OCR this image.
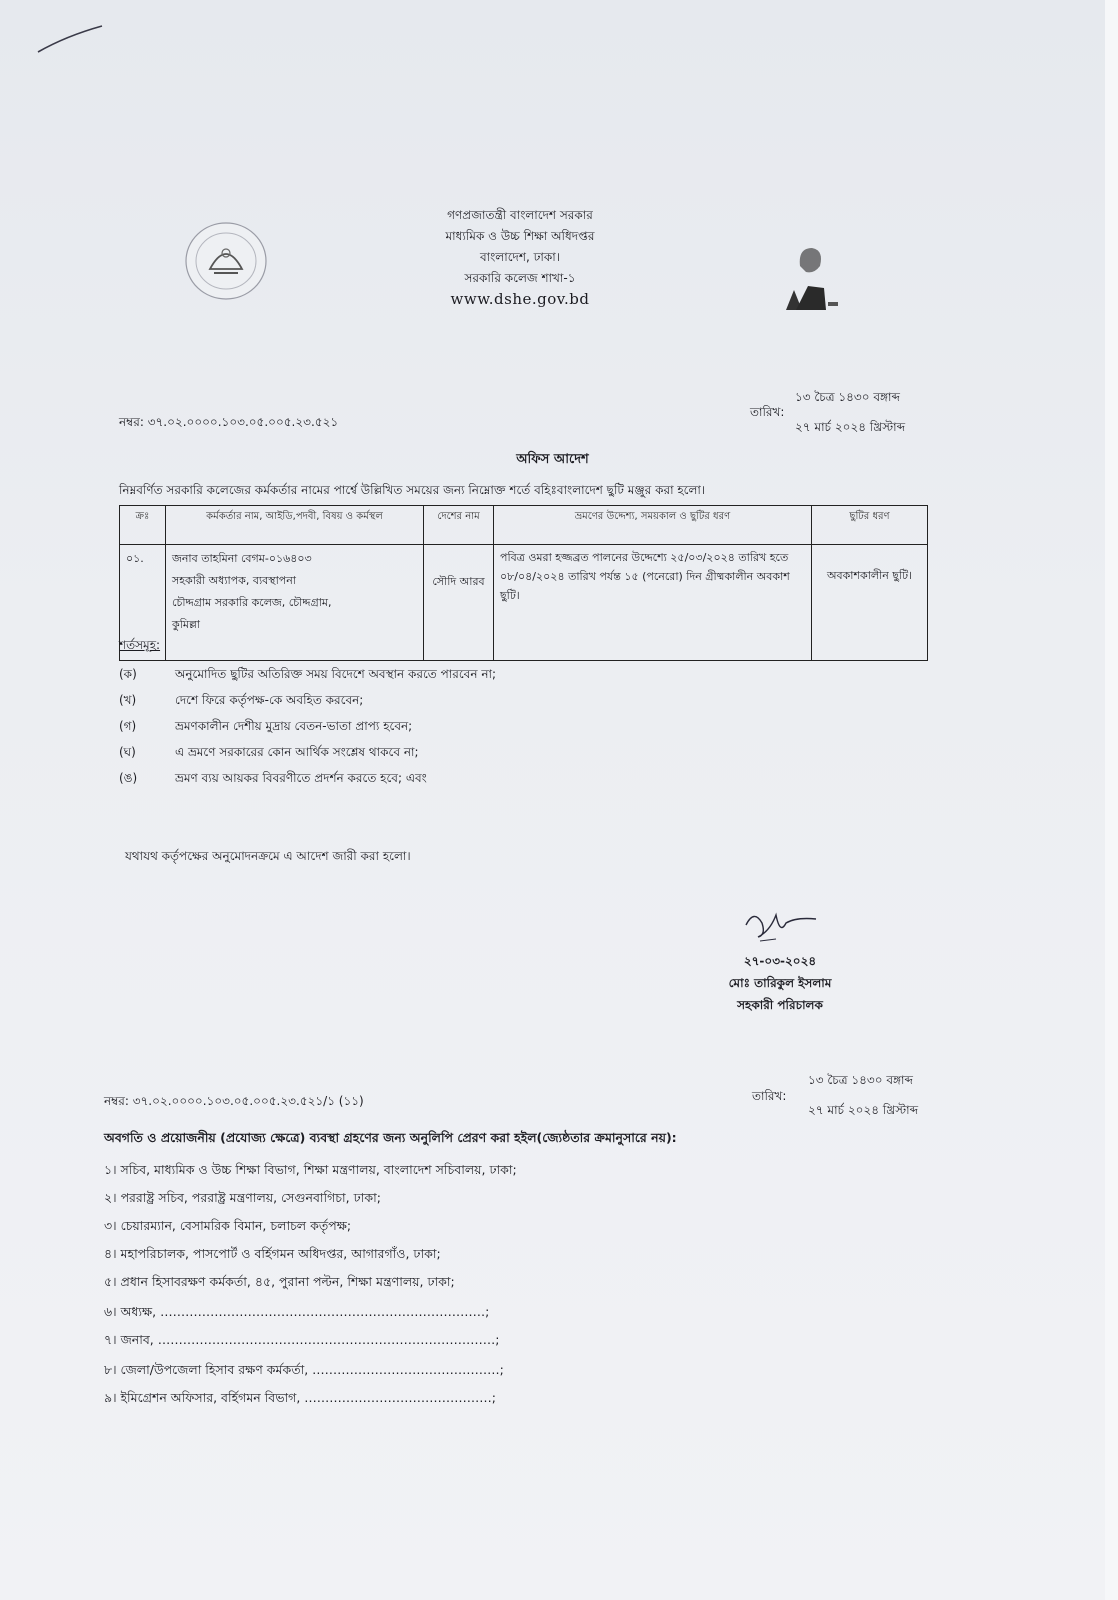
গণপ্রজাতন্ত্রী বাংলাদেশ সরকার
মাধ্যমিক ও উচ্চ শিক্ষা অধিদপ্তর
বাংলাদেশ, ঢাকা।
সরকারি কলেজ শাখা-১
www.dshe.gov.bd
নম্বর: ৩৭.০২.০০০০.১০৩.০৫.০০৫.২৩.৫২১
তারিখ:
১৩ চৈত্র ১৪৩০ বঙ্গাব্দ
২৭ মার্চ ২০২৪ খ্রিস্টাব্দ
অফিস আদেশ
নিম্নবর্ণিত সরকারি কলেজের কর্মকর্তার নামের পার্শ্বে উল্লিখিত সময়ের জন্য নিম্নোক্ত শর্তে বহিঃবাংলাদেশ ছুটি মঞ্জুর করা হলো।
ক্রঃ	কর্মকর্তার নাম, আইডি,পদবী, বিষয় ও কর্মস্থল	দেশের নাম	ভ্রমণের উদ্দেশ্য, সময়কাল ও ছুটির ধরণ	ছুটির ধরণ
০১.	জনাব তাহমিনা বেগম-০১৬৪০৩
সহকারী অধ্যাপক, ব্যবস্থাপনা
চৌদ্দগ্রাম সরকারি কলেজ, চৌদ্দগ্রাম,
কুমিল্লা	সৌদি আরব	পবিত্র ওমরা হজ্জব্রত পালনের উদ্দেশ্যে ২৫/০৩/২০২৪ তারিখ হতে ০৮/০৪/২০২৪ তারিখ পর্যন্ত ১৫ (পনেরো) দিন গ্রীষ্মকালীন অবকাশ ছুটি।	অবকাশকালীন ছুটি।
শর্তসমূহ:
(ক)	অনুমোদিত ছুটির অতিরিক্ত সময় বিদেশে অবস্থান করতে পারবেন না;
(খ)	দেশে ফিরে কর্তৃপক্ষ-কে অবহিত করবেন;
(গ)	ভ্রমণকালীন দেশীয় মুদ্রায় বেতন-ভাতা প্রাপ্য হবেন;
(ঘ)	এ ভ্রমণে সরকারের কোন আর্থিক সংশ্লেষ থাকবে না;
(ঙ)	ভ্রমণ ব্যয় আয়কর বিবরণীতে প্রদর্শন করতে হবে; এবং
যথাযথ কর্তৃপক্ষের অনুমোদনক্রমে এ আদেশ জারী করা হলো।
২৭-০৩-২০২৪
মোঃ তারিকুল ইসলাম
সহকারী পরিচালক
নম্বর: ৩৭.০২.০০০০.১০৩.০৫.০০৫.২৩.৫২১/১ (১১)	তারিখ:
১৩ চৈত্র ১৪৩০ বঙ্গাব্দ
২৭ মার্চ ২০২৪ খ্রিস্টাব্দ
অবগতি ও প্রয়োজনীয় (প্রযোজ্য ক্ষেত্রে) ব্যবস্থা গ্রহণের জন্য অনুলিপি প্রেরণ করা হইল(জ্যেষ্ঠতার ক্রমানুসারে নয়):
১। সচিব, মাধ্যমিক ও উচ্চ শিক্ষা বিভাগ, শিক্ষা মন্ত্রণালয়, বাংলাদেশ সচিবালয়, ঢাকা;
২। পররাষ্ট্র সচিব, পররাষ্ট্র মন্ত্রণালয়, সেগুনবাগিচা, ঢাকা;
৩। চেয়ারম্যান, বেসামরিক বিমান, চলাচল কর্তৃপক্ষ;
৪। মহাপরিচালক, পাসপোর্ট ও বর্হিগমন অধিদপ্তর, আগারগাঁও, ঢাকা;
৫। প্রধান হিসাবরক্ষণ কর্মকর্তা, ৪৫, পুরানা পল্টন, শিক্ষা মন্ত্রণালয়, ঢাকা;
৬। অধ্যক্ষ, ……………………………………………………………………;
৭। জনাব, ………………………………………………………………………;
৮। জেলা/উপজেলা হিসাব রক্ষণ কর্মকর্তা, ………………………………………;
৯। ইমিগ্রেশন অফিসার, বর্হিগমন বিভাগ, ………………………………………;
